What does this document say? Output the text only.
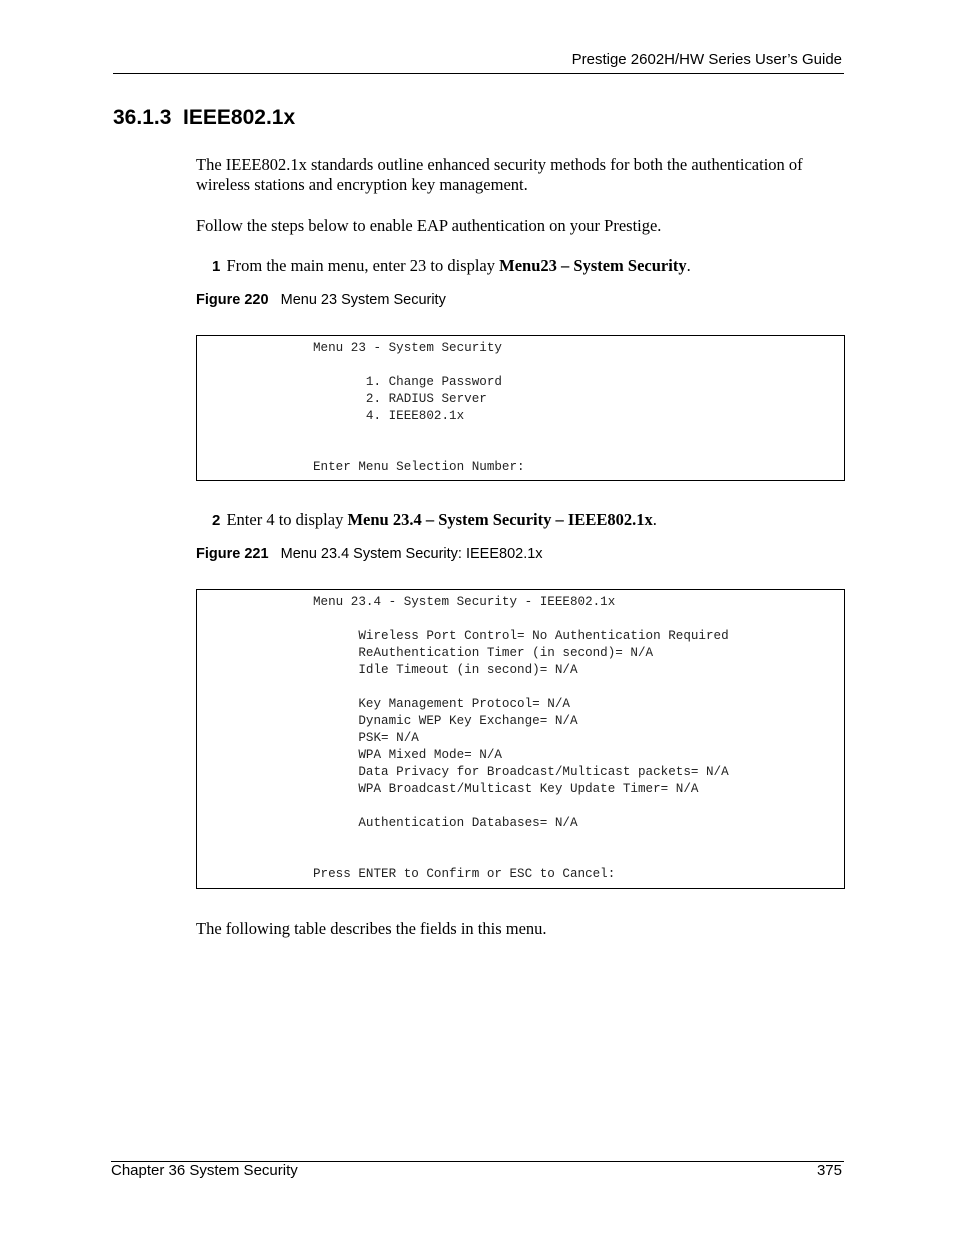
Prestige 2602H/HW Series User’s Guide
36.1.3  IEEE802.1x
The IEEE802.1x standards outline enhanced security methods for both the authentication of
wireless stations and encryption key management.
Follow the steps below to enable EAP authentication on your Prestige.
1 From the main menu, enter 23 to display Menu23 – System Security.
Figure 220 Menu 23 System Security
Menu 23 - System Security

1. Change Password
2. RADIUS Server
4. IEEE802.1x

Enter Menu Selection Number:
2 Enter 4 to display Menu 23.4 – System Security – IEEE802.1x.
Figure 221 Menu 23.4 System Security: IEEE802.1x
Menu 23.4 - System Security - IEEE802.1x

Wireless Port Control= No Authentication Required
ReAuthentication Timer (in second)= N/A
Idle Timeout (in second)= N/A

Key Management Protocol= N/A
Dynamic WEP Key Exchange= N/A
PSK= N/A
WPA Mixed Mode= N/A
Data Privacy for Broadcast/Multicast packets= N/A
WPA Broadcast/Multicast Key Update Timer= N/A

Authentication Databases= N/A

Press ENTER to Confirm or ESC to Cancel:
The following table describes the fields in this menu.
Chapter 36 System Security	375
